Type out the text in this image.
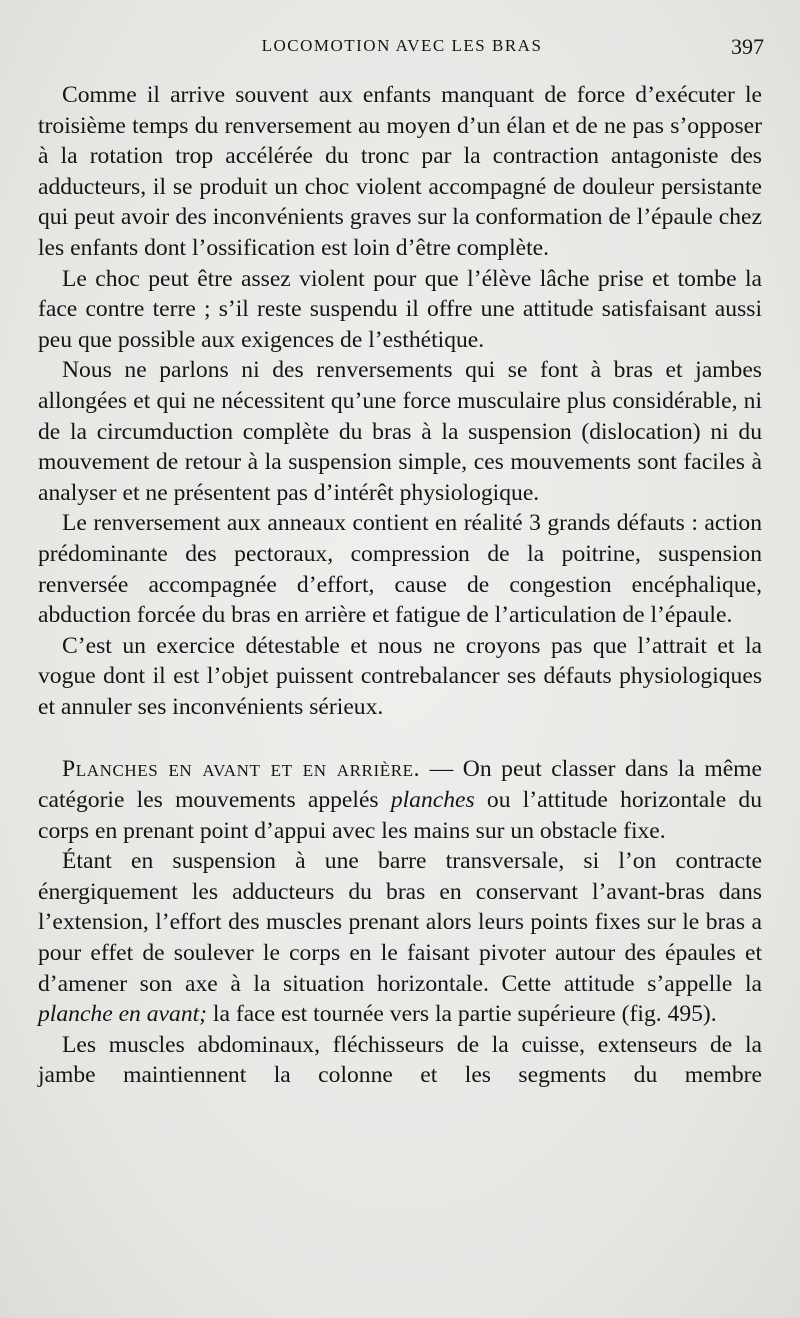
LOCOMOTION AVEC LES BRAS	397

Comme il arrive souvent aux enfants manquant de force d’exécuter le troisième temps du renversement au moyen d’un élan et de ne pas s’opposer à la rotation trop accélérée du tronc par la contraction antagoniste des adducteurs, il se produit un choc violent accompagné de douleur persistante qui peut avoir des inconvénients graves sur la conformation de l’épaule chez les enfants dont l’ossification est loin d’être complète.

Le choc peut être assez violent pour que l’élève lâche prise et tombe la face contre terre ; s’il reste suspendu il offre une attitude satisfaisant aussi peu que possible aux exigences de l’esthétique.

Nous ne parlons ni des renversements qui se font à bras et jambes allongées et qui ne nécessitent qu’une force musculaire plus considérable, ni de la circumduction complète du bras à la suspension (dislocation) ni du mouvement de retour à la suspension simple, ces mouvements sont faciles à analyser et ne présentent pas d’intérêt physiologique.

Le renversement aux anneaux contient en réalité 3 grands défauts : action prédominante des pectoraux, compression de la poitrine, suspension renversée accompagnée d’effort, cause de congestion encéphalique, abduction forcée du bras en arrière et fatigue de l’articulation de l’épaule.

C’est un exercice détestable et nous ne croyons pas que l’attrait et la vogue dont il est l’objet puissent contrebalancer ses défauts physiologiques et annuler ses inconvénients sérieux.

Planches en avant et en arrière. — On peut classer dans la même catégorie les mouvements appelés planches ou l’attitude horizontale du corps en prenant point d’appui avec les mains sur un obstacle fixe.

Étant en suspension à une barre transversale, si l’on contracte énergiquement les adducteurs du bras en conservant l’avant-bras dans l’extension, l’effort des muscles prenant alors leurs points fixes sur le bras a pour effet de soulever le corps en le faisant pivoter autour des épaules et d’amener son axe à la situation horizontale. Cette attitude s’appelle la planche en avant; la face est tournée vers la partie supérieure (fig. 495).

Les muscles abdominaux, fléchisseurs de la cuisse, extenseurs de la jambe maintiennent la colonne et les segments du membre
